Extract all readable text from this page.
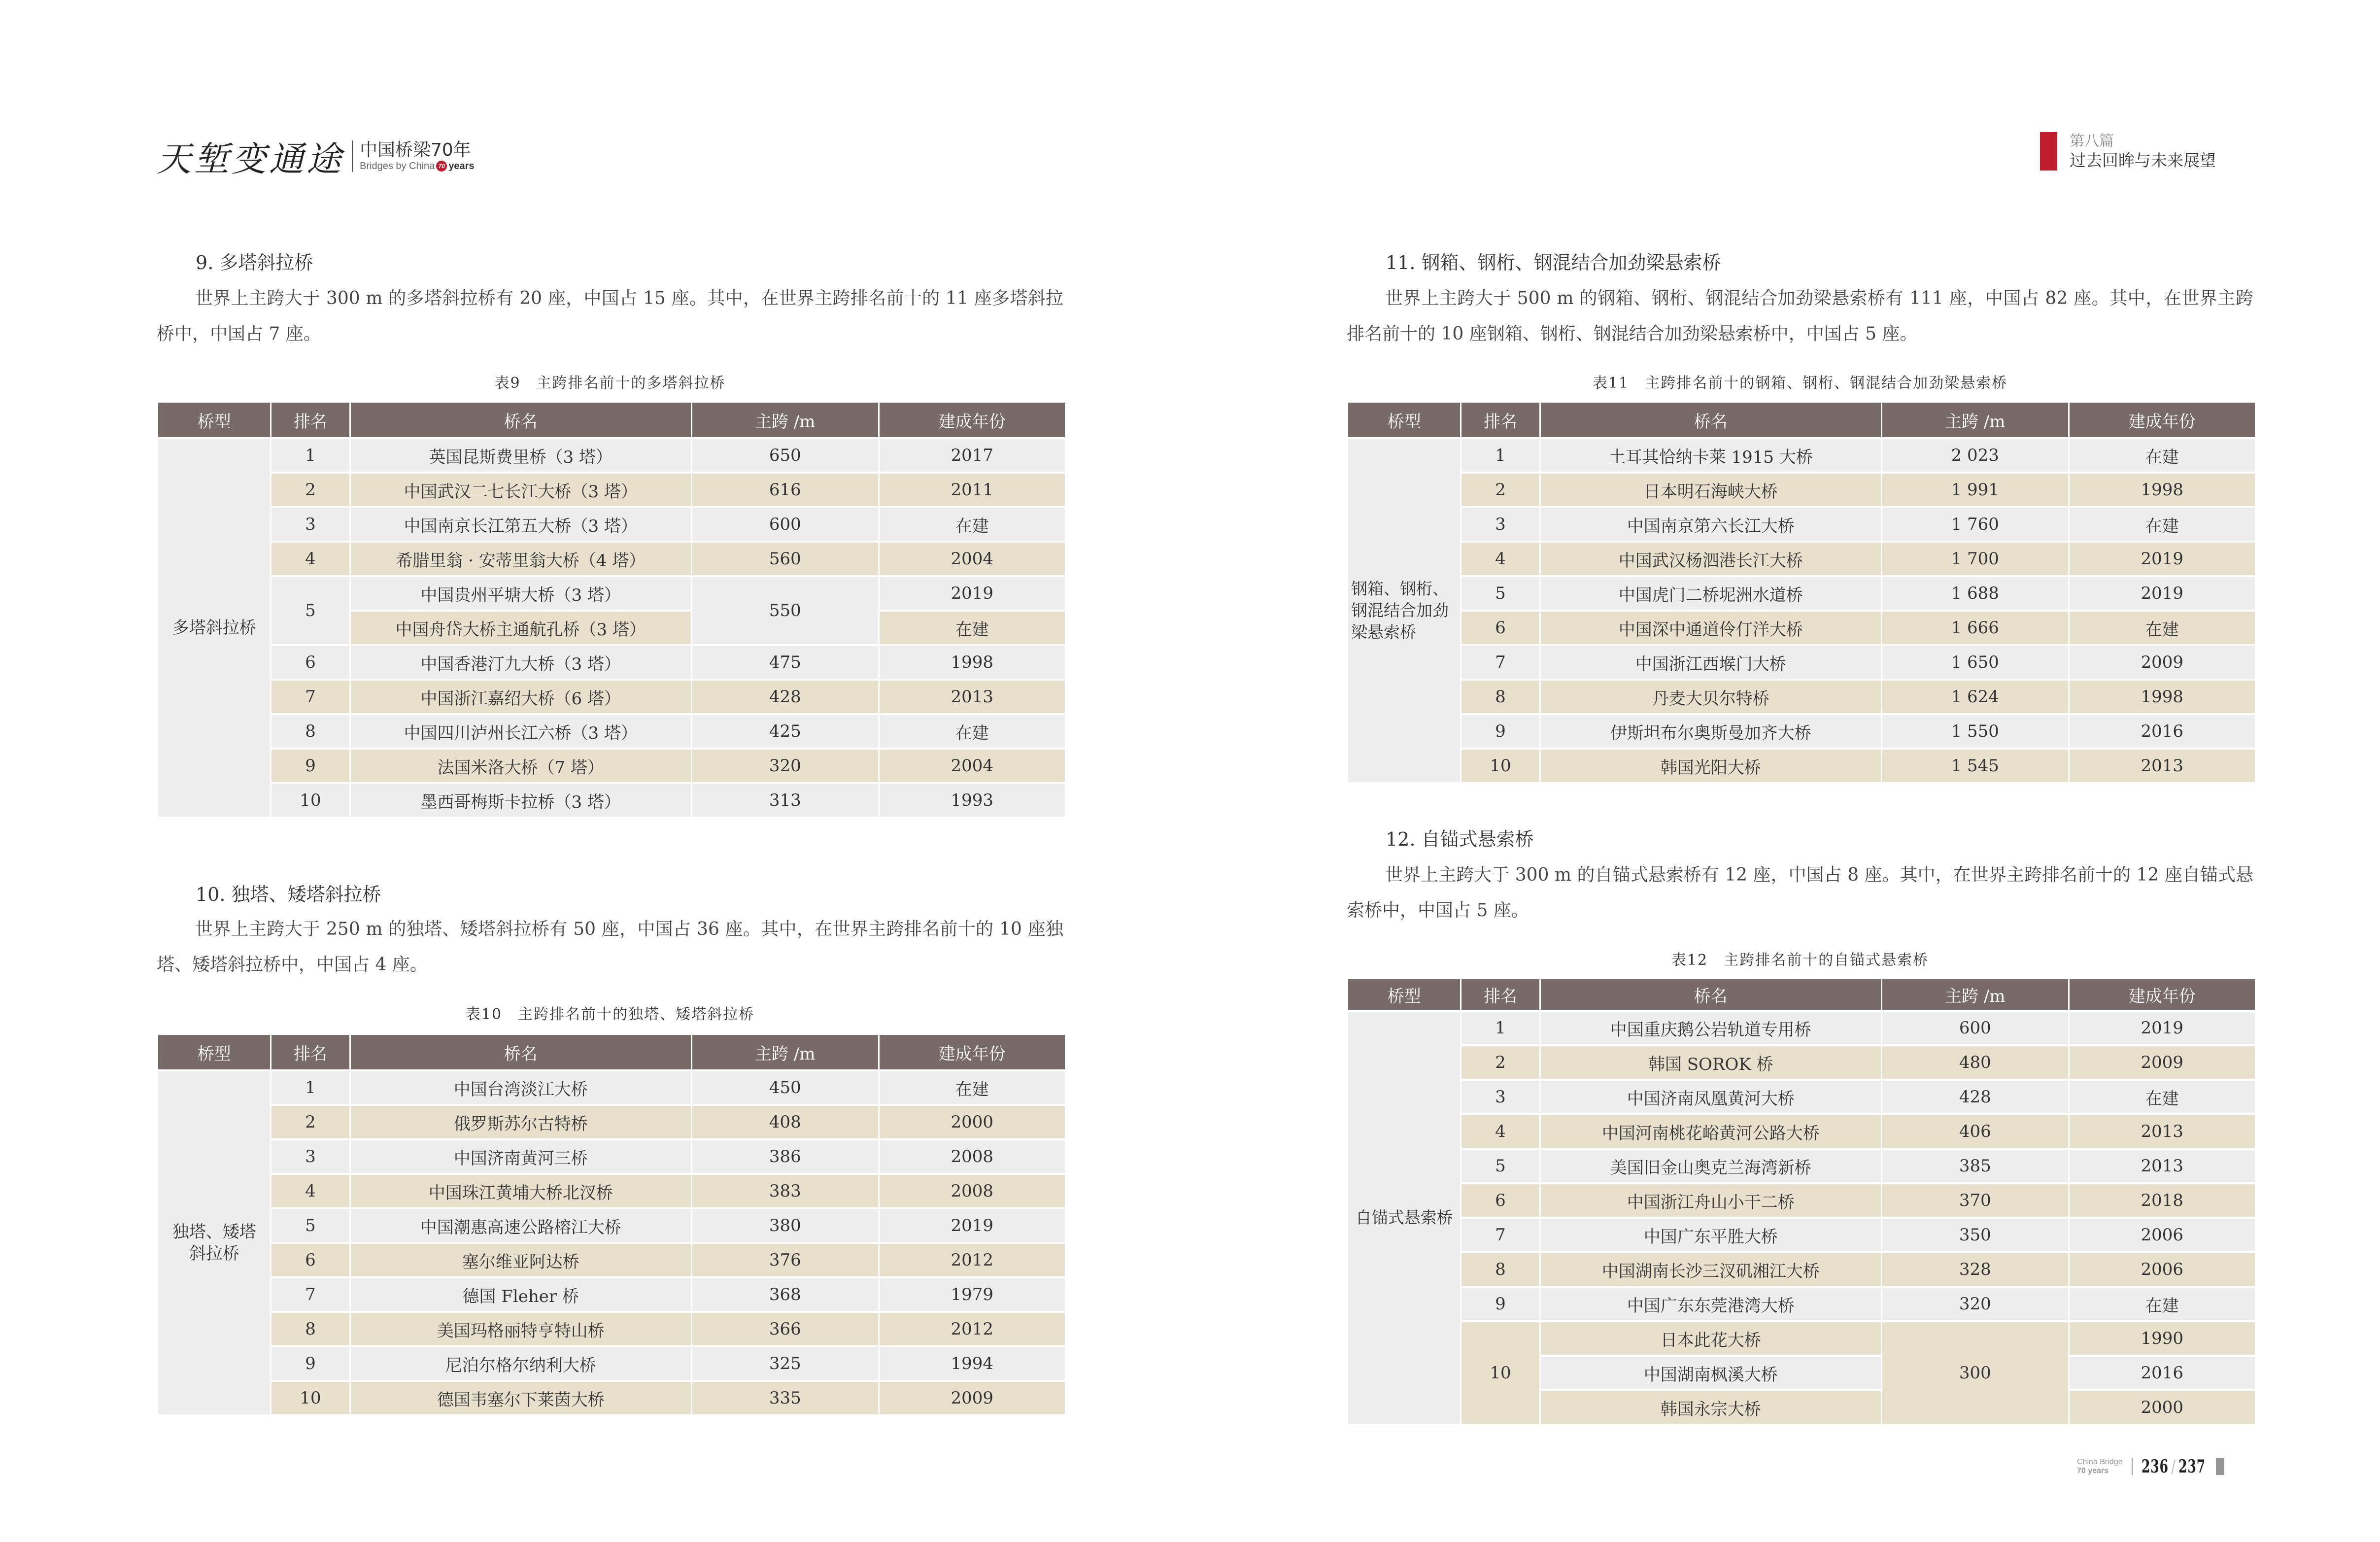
天堑变通途 中国桥梁70年
Bridges by China 70 years
第八篇
过去回眸与未来展望
9. 多塔斜拉桥
世界上主跨大于 300 m 的多塔斜拉桥有 20 座，中国占 15 座。其中，在世界主跨排名前十的 11 座多塔斜拉桥中，中国占 7 座。
表9　主跨排名前十的多塔斜拉桥
桥型	排名	桥名	主跨 /m	建成年份
多塔斜拉桥	1	英国昆斯费里桥（3 塔）	650	2017
	2	中国武汉二七长江大桥（3 塔）	616	2011
	3	中国南京长江第五大桥（3 塔）	600	在建
	4	希腊里翁 · 安蒂里翁大桥（4 塔）	560	2004
	5	中国贵州平塘大桥（3 塔）	550	2019
		中国舟岱大桥主通航孔桥（3 塔）		在建
	6	中国香港汀九大桥（3 塔）	475	1998
	7	中国浙江嘉绍大桥（6 塔）	428	2013
	8	中国四川泸州长江六桥（3 塔）	425	在建
	9	法国米洛大桥（7 塔）	320	2004
	10	墨西哥梅斯卡拉桥（3 塔）	313	1993
10. 独塔、矮塔斜拉桥
世界上主跨大于 250 m 的独塔、矮塔斜拉桥有 50 座，中国占 36 座。其中，在世界主跨排名前十的 10 座独塔、矮塔斜拉桥中，中国占 4 座。
表10　主跨排名前十的独塔、矮塔斜拉桥
桥型	排名	桥名	主跨 /m	建成年份
独塔、矮塔斜拉桥	1	中国台湾淡江大桥	450	在建
	2	俄罗斯苏尔古特桥	408	2000
	3	中国济南黄河三桥	386	2008
	4	中国珠江黄埔大桥北汊桥	383	2008
	5	中国潮惠高速公路榕江大桥	380	2019
	6	塞尔维亚阿达桥	376	2012
	7	德国 Fleher 桥	368	1979
	8	美国玛格丽特亨特山桥	366	2012
	9	尼泊尔格尔纳利大桥	325	1994
	10	德国韦塞尔下莱茵大桥	335	2009
11. 钢箱、钢桁、钢混结合加劲梁悬索桥
世界上主跨大于 500 m 的钢箱、钢桁、钢混结合加劲梁悬索桥有 111 座，中国占 82 座。其中，在世界主跨排名前十的 10 座钢箱、钢桁、钢混结合加劲梁悬索桥中，中国占 5 座。
表11　主跨排名前十的钢箱、钢桁、钢混结合加劲梁悬索桥
桥型	排名	桥名	主跨 /m	建成年份
钢箱、钢桁、钢混结合加劲梁悬索桥	1	土耳其恰纳卡莱 1915 大桥	2 023	在建
	2	日本明石海峡大桥	1 991	1998
	3	中国南京第六长江大桥	1 760	在建
	4	中国武汉杨泗港长江大桥	1 700	2019
	5	中国虎门二桥坭洲水道桥	1 688	2019
	6	中国深中通道伶仃洋大桥	1 666	在建
	7	中国浙江西堠门大桥	1 650	2009
	8	丹麦大贝尔特桥	1 624	1998
	9	伊斯坦布尔奥斯曼加齐大桥	1 550	2016
	10	韩国光阳大桥	1 545	2013
12. 自锚式悬索桥
世界上主跨大于 300 m 的自锚式悬索桥有 12 座，中国占 8 座。其中，在世界主跨排名前十的 12 座自锚式悬索桥中，中国占 5 座。
表12　主跨排名前十的自锚式悬索桥
桥型	排名	桥名	主跨 /m	建成年份
自锚式悬索桥	1	中国重庆鹅公岩轨道专用桥	600	2019
	2	韩国 SOROK 桥	480	2009
	3	中国济南凤凰黄河大桥	428	在建
	4	中国河南桃花峪黄河公路大桥	406	2013
	5	美国旧金山奥克兰海湾新桥	385	2013
	6	中国浙江舟山小干二桥	370	2018
	7	中国广东平胜大桥	350	2006
	8	中国湖南长沙三汊矶湘江大桥	328	2006
	9	中国广东东莞港湾大桥	320	在建
	10	日本此花大桥	300	1990
		中国湖南枫溪大桥		2016
		韩国永宗大桥		2000
China Bridge
70 years	236 / 237
